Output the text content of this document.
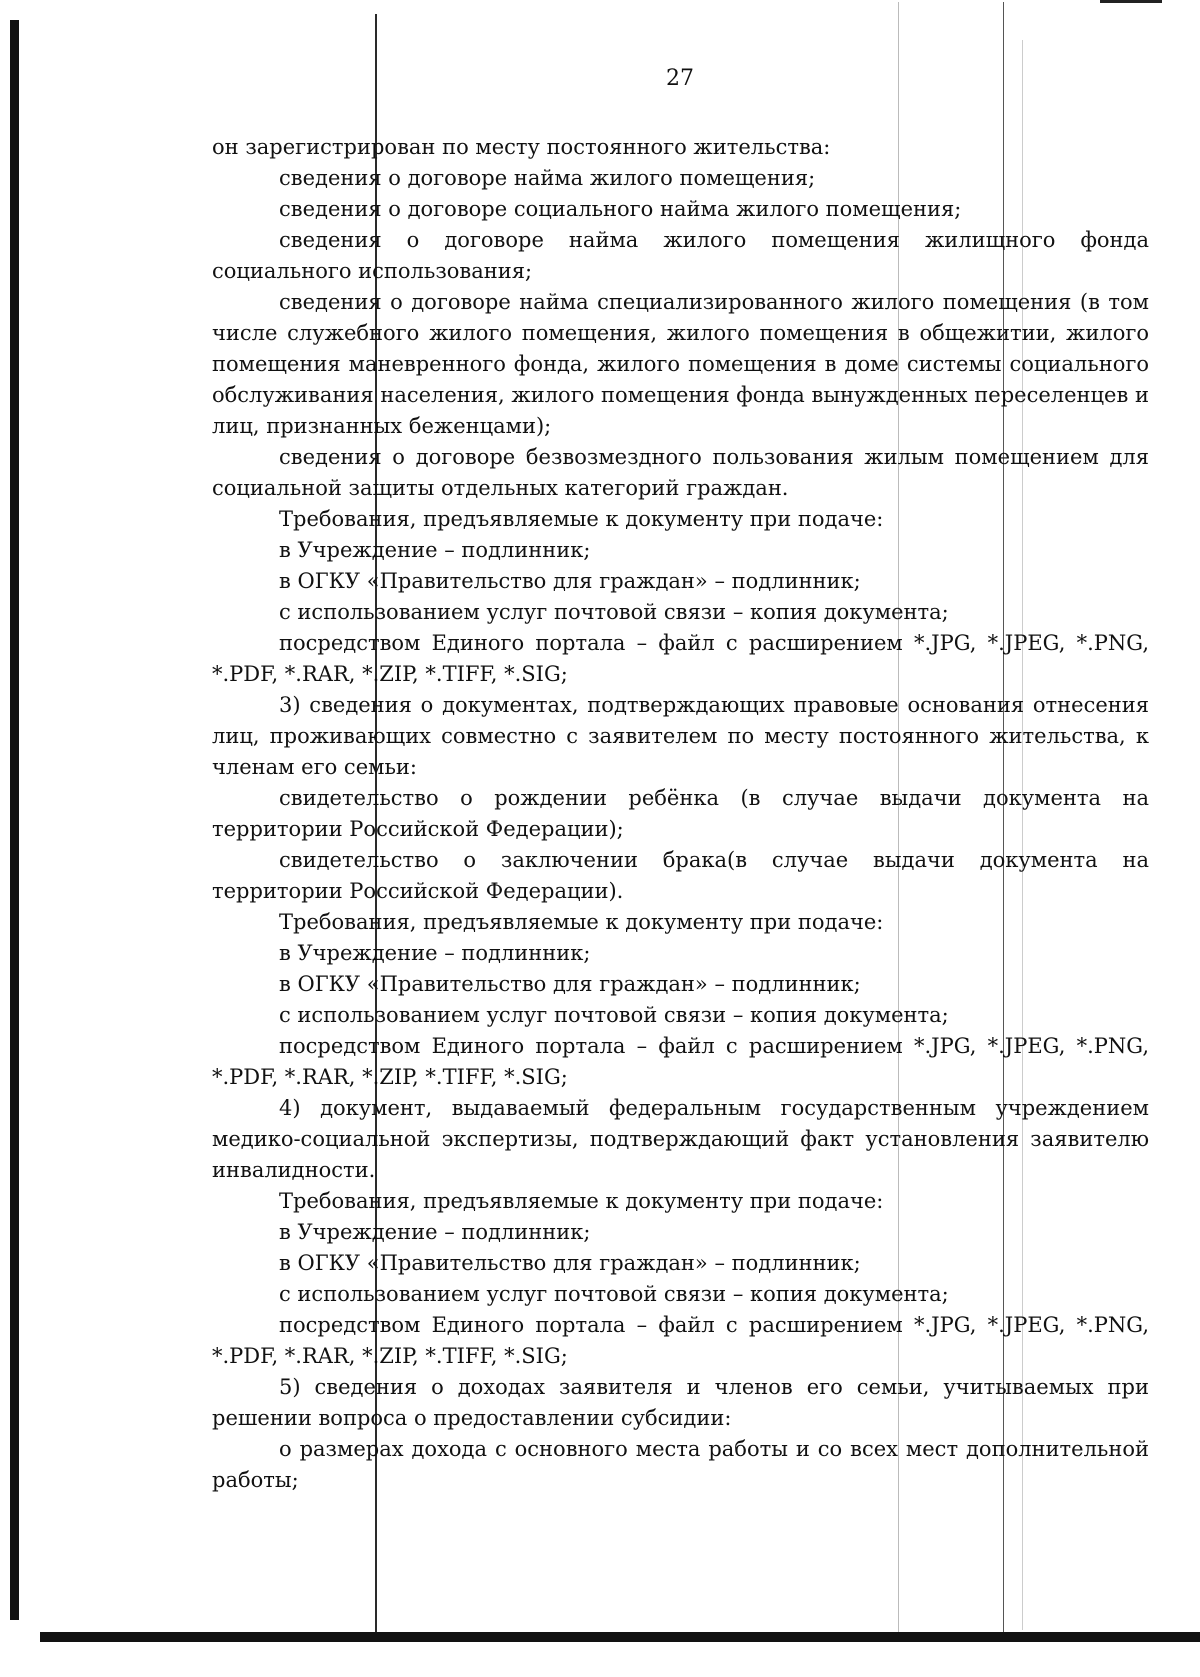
27

он зарегистрирован по месту постоянного жительства:

сведения о договоре найма жилого помещения;

сведения о договоре социального найма жилого помещения;

сведения о договоре найма жилого помещения жилищного фонда социального использования;

сведения о договоре найма специализированного жилого помещения (в том числе служебного жилого помещения, жилого помещения в общежитии, жилого помещения маневренного фонда, жилого помещения в доме системы социального обслуживания населения, жилого помещения фонда вынужденных переселенцев и лиц, признанных беженцами);

сведения о договоре безвозмездного пользования жилым помещением для социальной защиты отдельных категорий граждан.

Требования, предъявляемые к документу при подаче:

в Учреждение – подлинник;

в ОГКУ «Правительство для граждан» – подлинник;

с использованием услуг почтовой связи – копия документа;

посредством Единого портала – файл с расширением *.JPG, *.JPEG, *.PNG, *.PDF, *.RAR, *.ZIP, *.TIFF, *.SIG;

3) сведения о документах, подтверждающих правовые основания отнесения лиц, проживающих совместно с заявителем по месту постоянного жительства, к членам его семьи:

свидетельство о рождении ребёнка (в случае выдачи документа на территории Российской Федерации);

свидетельство о заключении брака(в случае выдачи документа на территории Российской Федерации).

Требования, предъявляемые к документу при подаче:

в Учреждение – подлинник;

в ОГКУ «Правительство для граждан» – подлинник;

с использованием услуг почтовой связи – копия документа;

посредством Единого портала – файл с расширением *.JPG, *.JPEG, *.PNG, *.PDF, *.RAR, *.ZIP, *.TIFF, *.SIG;

4) документ, выдаваемый федеральным государственным учреждением медико-социальной экспертизы, подтверждающий факт установления заявителю инвалидности.

Требования, предъявляемые к документу при подаче:

в Учреждение – подлинник;

в ОГКУ «Правительство для граждан» – подлинник;

с использованием услуг почтовой связи – копия документа;

посредством Единого портала – файл с расширением *.JPG, *.JPEG, *.PNG, *.PDF, *.RAR, *.ZIP, *.TIFF, *.SIG;

5) сведения о доходах заявителя и членов его семьи, учитываемых при решении вопроса о предоставлении субсидии:

о размерах дохода с основного места работы и со всех мест дополнительной работы;
